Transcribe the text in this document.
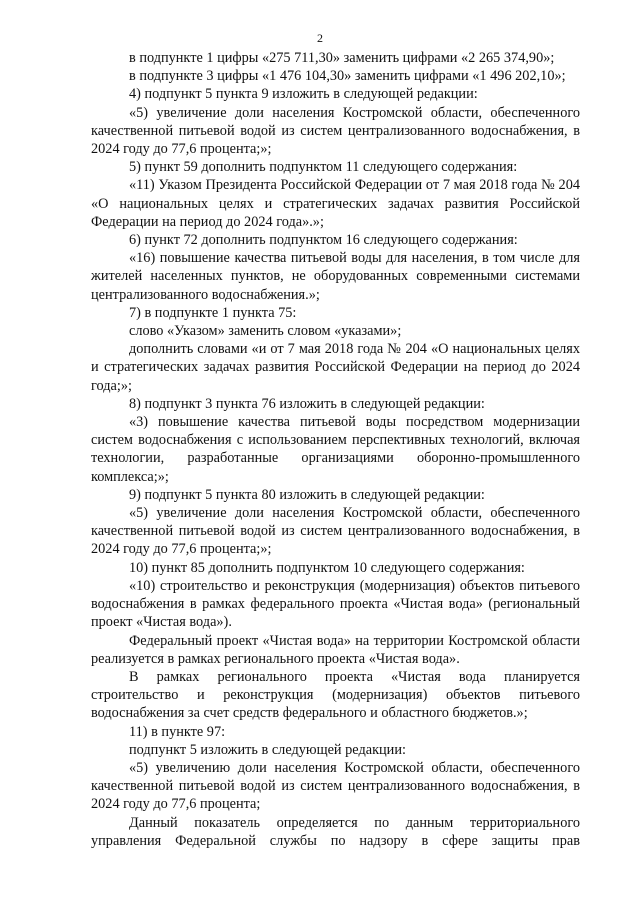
2

в подпункте 1 цифры «275 711,30» заменить цифрами «2 265 374,90»;

в подпункте 3 цифры «1 476 104,30» заменить цифрами «1 496 202,10»;

4) подпункт 5 пункта 9 изложить в следующей редакции:

«5) увеличение доли населения Костромской области, обеспеченного качественной питьевой водой из систем централизованного водоснабжения, в 2024 году до 77,6 процента;»;

5) пункт 59 дополнить подпунктом 11 следующего содержания:

«11) Указом Президента Российской Федерации от 7 мая 2018 года № 204 «О национальных целях и стратегических задачах развития Российской Федерации на период до 2024 года».»;

6) пункт 72 дополнить подпунктом 16 следующего содержания:

«16) повышение качества питьевой воды для населения, в том числе для жителей населенных пунктов, не оборудованных современными системами централизованного водоснабжения.»;

7) в подпункте 1 пункта 75:

слово «Указом» заменить словом «указами»;

дополнить словами «и от 7 мая 2018 года № 204 «О национальных целях и стратегических задачах развития Российской Федерации на период до 2024 года;»;

8) подпункт 3 пункта 76 изложить в следующей редакции:

«3) повышение качества питьевой воды посредством модернизации систем водоснабжения с использованием перспективных технологий, включая технологии, разработанные организациями оборонно-промышленного комплекса;»;

9) подпункт 5 пункта 80 изложить в следующей редакции:

«5) увеличение доли населения Костромской области, обеспеченного качественной питьевой водой из систем централизованного водоснабжения, в 2024 году до 77,6 процента;»;

10) пункт 85 дополнить подпунктом 10 следующего содержания:

«10) строительство и реконструкция (модернизация) объектов питьевого водоснабжения в рамках федерального проекта «Чистая вода» (региональный проект «Чистая вода»).

Федеральный проект «Чистая вода» на территории Костромской области реализуется в рамках регионального проекта «Чистая вода».

В рамках регионального проекта «Чистая вода планируется строительство и реконструкция (модернизация) объектов питьевого водоснабжения за счет средств федерального и областного бюджетов.»;

11) в пункте 97:

подпункт 5 изложить в следующей редакции:

«5) увеличению доли населения Костромской области, обеспеченного качественной питьевой водой из систем централизованного водоснабжения, в 2024 году до 77,6 процента;

Данный показатель определяется по данным территориального управления Федеральной службы по надзору в сфере защиты прав
